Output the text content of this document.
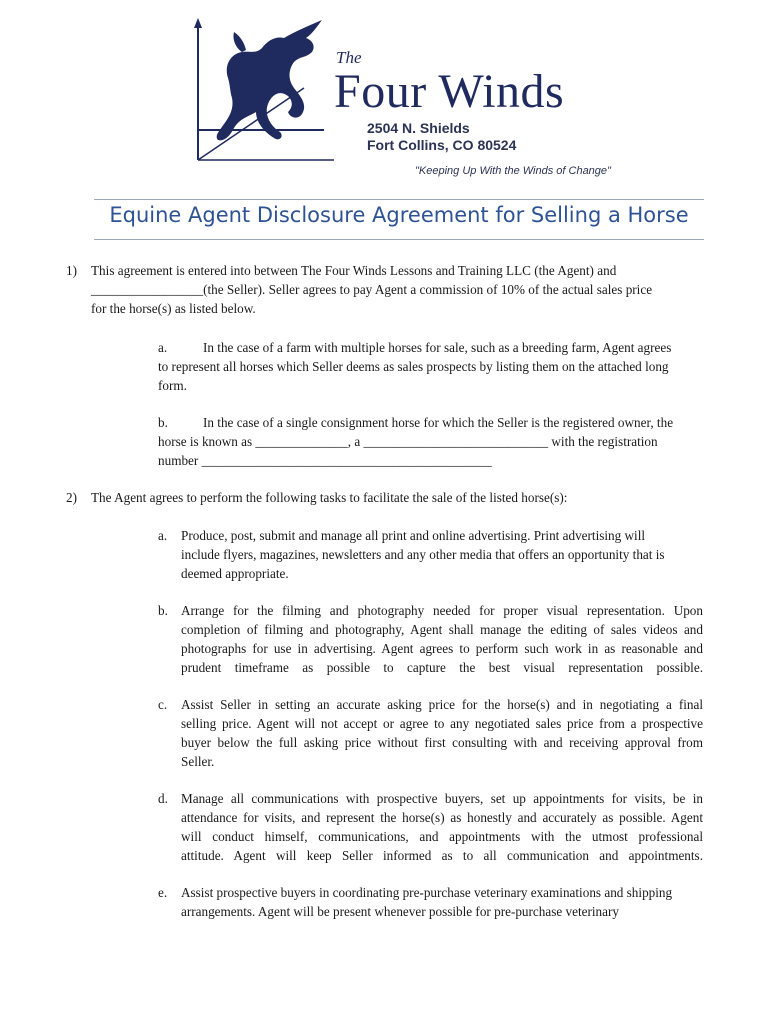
The
Four Winds
2504 N. Shields
Fort Collins, CO 80524
"Keeping Up With the Winds of Change"
Equine Agent Disclosure Agreement for Selling a Horse
1) This agreement is entered into between The Four Winds Lessons and Training LLC (the Agent) and
_________________(the Seller). Seller agrees to pay Agent a commission of 10% of the actual sales price
for the horse(s) as listed below.
a.	In the case of a farm with multiple horses for sale, such as a breeding farm, Agent agrees
to represent all horses which Seller deems as sales prospects by listing them on the attached long
form.
b.	In the case of a single consignment horse for which the Seller is the registered owner, the
horse is known as ______________, a ____________________________ with the registration
number ____________________________________________
2) The Agent agrees to perform the following tasks to facilitate the sale of the listed horse(s):
a. Produce, post, submit and manage all print and online advertising. Print advertising will
include flyers, magazines, newsletters and any other media that offers an opportunity that is
deemed appropriate.
b. Arrange for the filming and photography needed for proper visual representation. Upon
completion of filming and photography, Agent shall manage the editing of sales videos and
photographs for use in advertising. Agent agrees to perform such work in as reasonable and
prudent timeframe as possible to capture the best visual representation possible.
c. Assist Seller in setting an accurate asking price for the horse(s) and in negotiating a final
selling price. Agent will not accept or agree to any negotiated sales price from a prospective
buyer below the full asking price without first consulting with and receiving approval from
Seller.
d. Manage all communications with prospective buyers, set up appointments for visits, be in
attendance for visits, and represent the horse(s) as honestly and accurately as possible. Agent
will conduct himself, communications, and appointments with the utmost professional
attitude. Agent will keep Seller informed as to all communication and appointments.
e. Assist prospective buyers in coordinating pre-purchase veterinary examinations and shipping
arrangements. Agent will be present whenever possible for pre-purchase veterinary
